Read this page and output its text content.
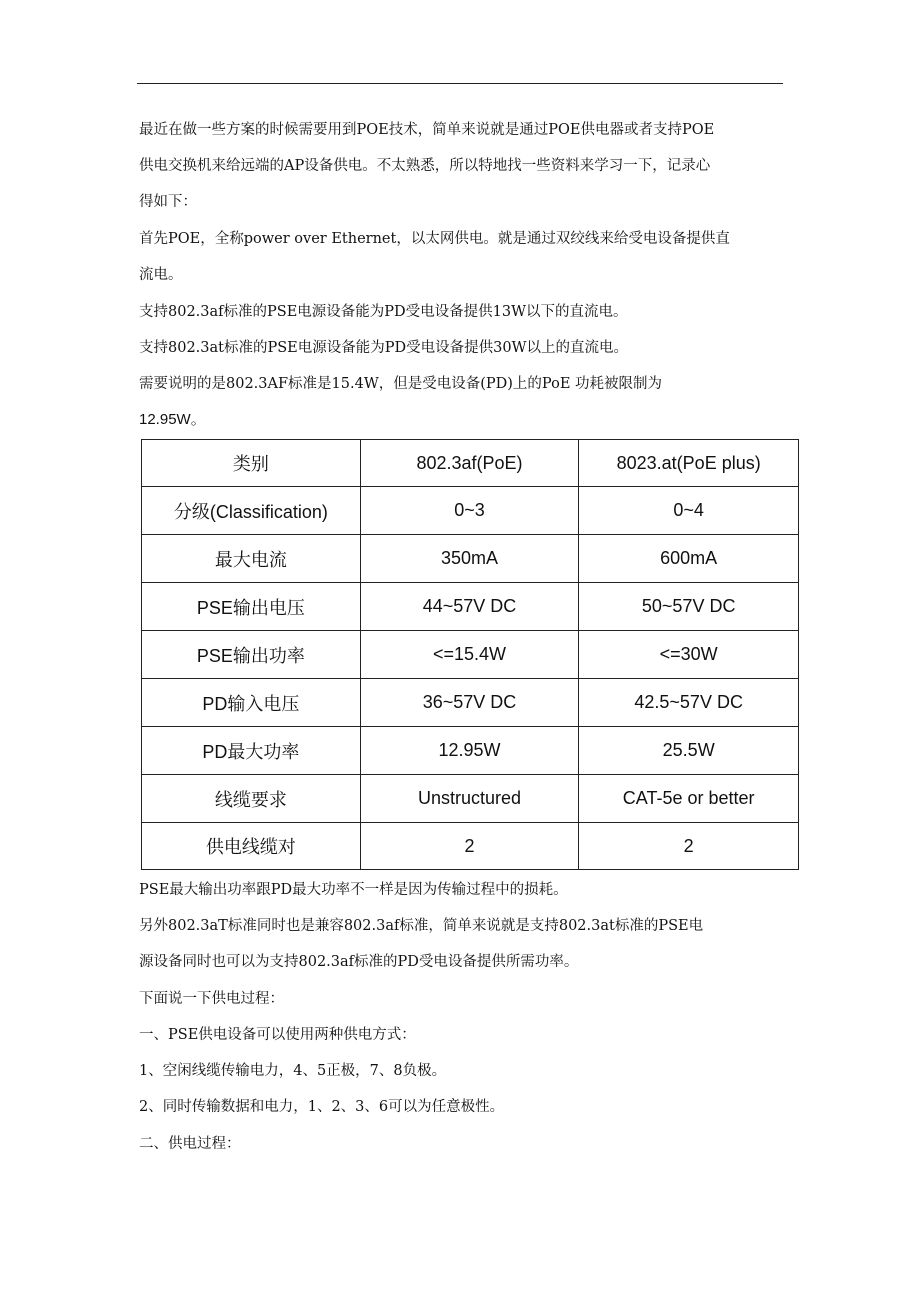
最近在做一些方案的时候需要用到POE技术，简单来说就是通过POE供电器或者支持POE
供电交换机来给远端的AP设备供电。不太熟悉，所以特地找一些资料来学习一下，记录心
得如下：
首先POE，全称power over Ethernet，以太网供电。就是通过双绞线来给受电设备提供直
流电。
支持802.3af标准的PSE电源设备能为PD受电设备提供13W以下的直流电。
支持802.3at标准的PSE电源设备能为PD受电设备提供30W以上的直流电。
需要说明的是802.3AF标准是15.4W，但是受电设备(PD)上的PoE 功耗被限制为
12.95W。
类别	802.3af(PoE)	8023.at(PoE plus)
分级(Classification)	0~3	0~4
最大电流	350mA	600mA
PSE输出电压	44~57V DC	50~57V DC
PSE输出功率	<=15.4W	<=30W
PD输入电压	36~57V DC	42.5~57V DC
PD最大功率	12.95W	25.5W
线缆要求	Unstructured	CAT-5e or better
供电线缆对	2	2
PSE最大输出功率跟PD最大功率不一样是因为传输过程中的损耗。
另外802.3aT标准同时也是兼容802.3af标准，简单来说就是支持802.3at标准的PSE电
源设备同时也可以为支持802.3af标准的PD受电设备提供所需功率。
下面说一下供电过程：
一、PSE供电设备可以使用两种供电方式：
1、空闲线缆传输电力，4、5正极，7、8负极。
2、同时传输数据和电力，1、2、3、6可以为任意极性。
二、供电过程：
